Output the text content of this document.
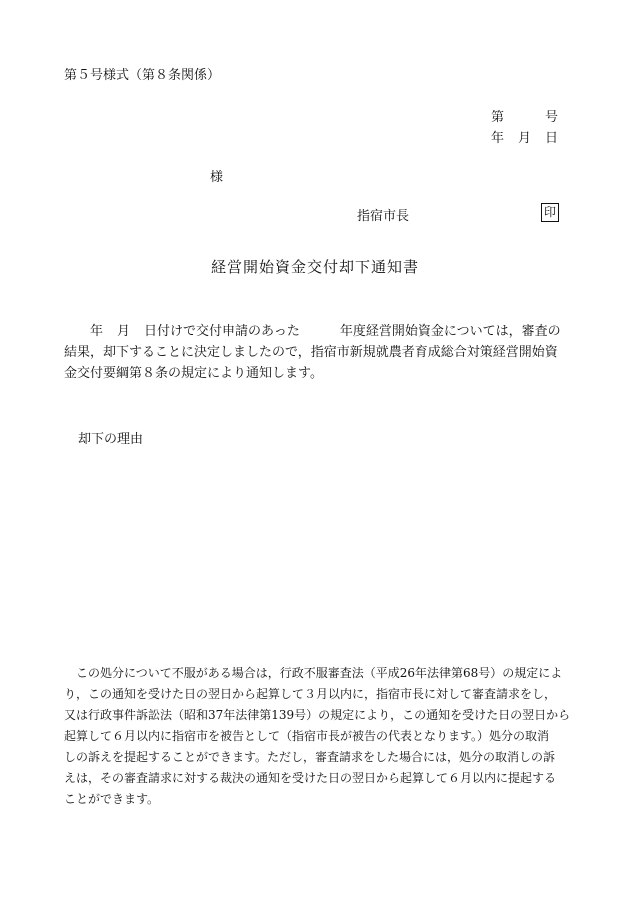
第５号様式（第８条関係）

第	号
年 月 日
様
指宿市長	印
経営開始資金交付却下通知書
年 月 日付けで交付申請のあった	年度経営開始資金については，審査の
結果，却下することに決定しましたので，指宿市新規就農者育成総合対策経営開始資
金交付要綱第８条の規定により通知します。
却下の理由
この処分について不服がある場合は，行政不服審査法（平成26年法律第68号）の規定によ
り，この通知を受けた日の翌日から起算して３月以内に，指宿市長に対して審査請求をし，
又は行政事件訴訟法（昭和37年法律第139号）の規定により，この通知を受けた日の翌日から
起算して６月以内に指宿市を被告として（指宿市長が被告の代表となります。）処分の取消
しの訴えを提起することができます。ただし，審査請求をした場合には，処分の取消しの訴
えは，その審査請求に対する裁決の通知を受けた日の翌日から起算して６月以内に提起する
ことができます。
